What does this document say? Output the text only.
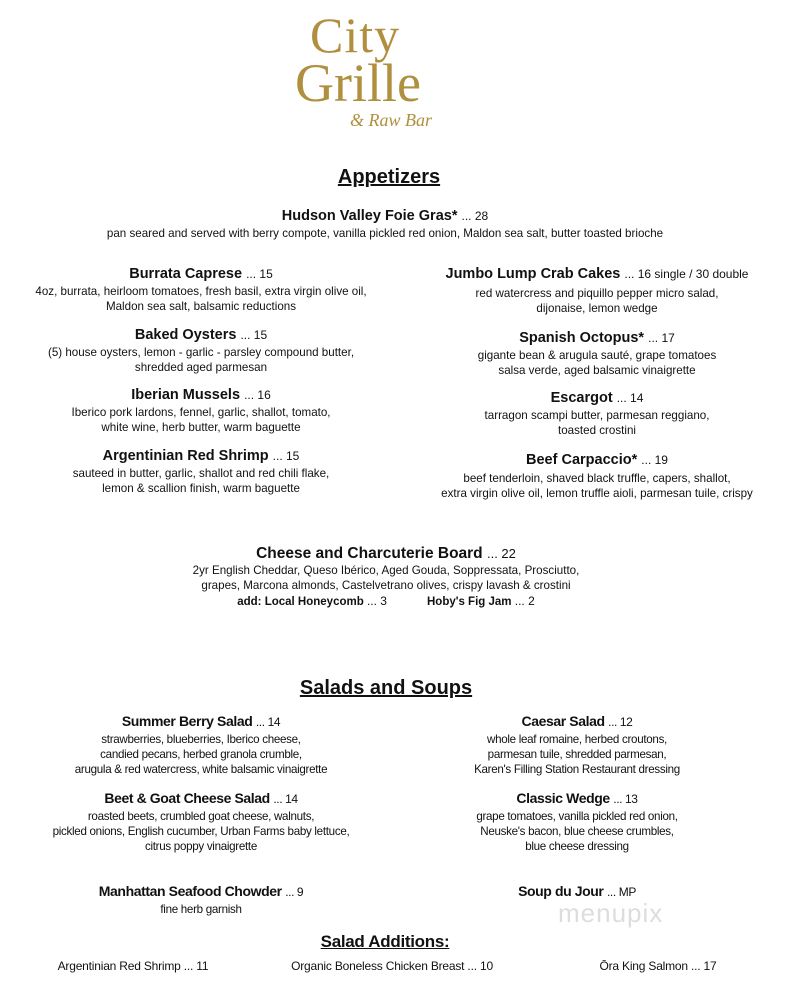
City
Grille
& Raw Bar
Appetizers
Hudson Valley Foie Gras* ... 28
pan seared and served with berry compote, vanilla pickled red onion, Maldon sea salt, butter toasted brioche
Burrata Caprese ... 15
4oz, burrata, heirloom tomatoes, fresh basil, extra virgin olive oil,
Maldon sea salt, balsamic reductions
Baked Oysters ... 15
(5) house oysters, lemon - garlic - parsley compound butter,
shredded aged parmesan
Iberian Mussels ... 16
Iberico pork lardons, fennel, garlic, shallot, tomato,
white wine, herb butter, warm baguette
Argentinian Red Shrimp ... 15
sauteed in butter, garlic, shallot and red chili flake,
lemon & scallion finish, warm baguette
Jumbo Lump Crab Cakes ... 16 single / 30 double
red watercress and piquillo pepper micro salad,
dijonaise, lemon wedge
Spanish Octopus* ... 17
gigante bean & arugula sauté, grape tomatoes
salsa verde, aged balsamic vinaigrette
Escargot ... 14
tarragon scampi butter, parmesan reggiano,
toasted crostini
Beef Carpaccio* ... 19
beef tenderloin, shaved black truffle, capers, shallot,
extra virgin olive oil, lemon truffle aioli, parmesan tuile, crispy
Cheese and Charcuterie Board ... 22
2yr English Cheddar, Queso Ibérico, Aged Gouda, Soppressata, Prosciutto,
grapes, Marcona almonds, Castelvetrano olives, crispy lavash & crostini
add: Local Honeycomb ... 3	Hoby's Fig Jam ... 2
Salads and Soups
Summer Berry Salad ... 14
strawberries, blueberries, Iberico cheese,
candied pecans, herbed granola crumble,
arugula & red watercress, white balsamic vinaigrette
Beet & Goat Cheese Salad ... 14
roasted beets, crumbled goat cheese, walnuts,
pickled onions, English cucumber, Urban Farms baby lettuce,
citrus poppy vinaigrette
Manhattan Seafood Chowder ... 9
fine herb garnish
Caesar Salad ... 12
whole leaf romaine, herbed croutons,
parmesan tuile, shredded parmesan,
Karen's Filling Station Restaurant dressing
Classic Wedge ... 13
grape tomatoes, vanilla pickled red onion,
Neuske's bacon, blue cheese crumbles,
blue cheese dressing
Soup du Jour ... MP
menupix
Salad Additions:
Argentinian Red Shrimp ... 11	Organic Boneless Chicken Breast ... 10	Ōra King Salmon ... 17
